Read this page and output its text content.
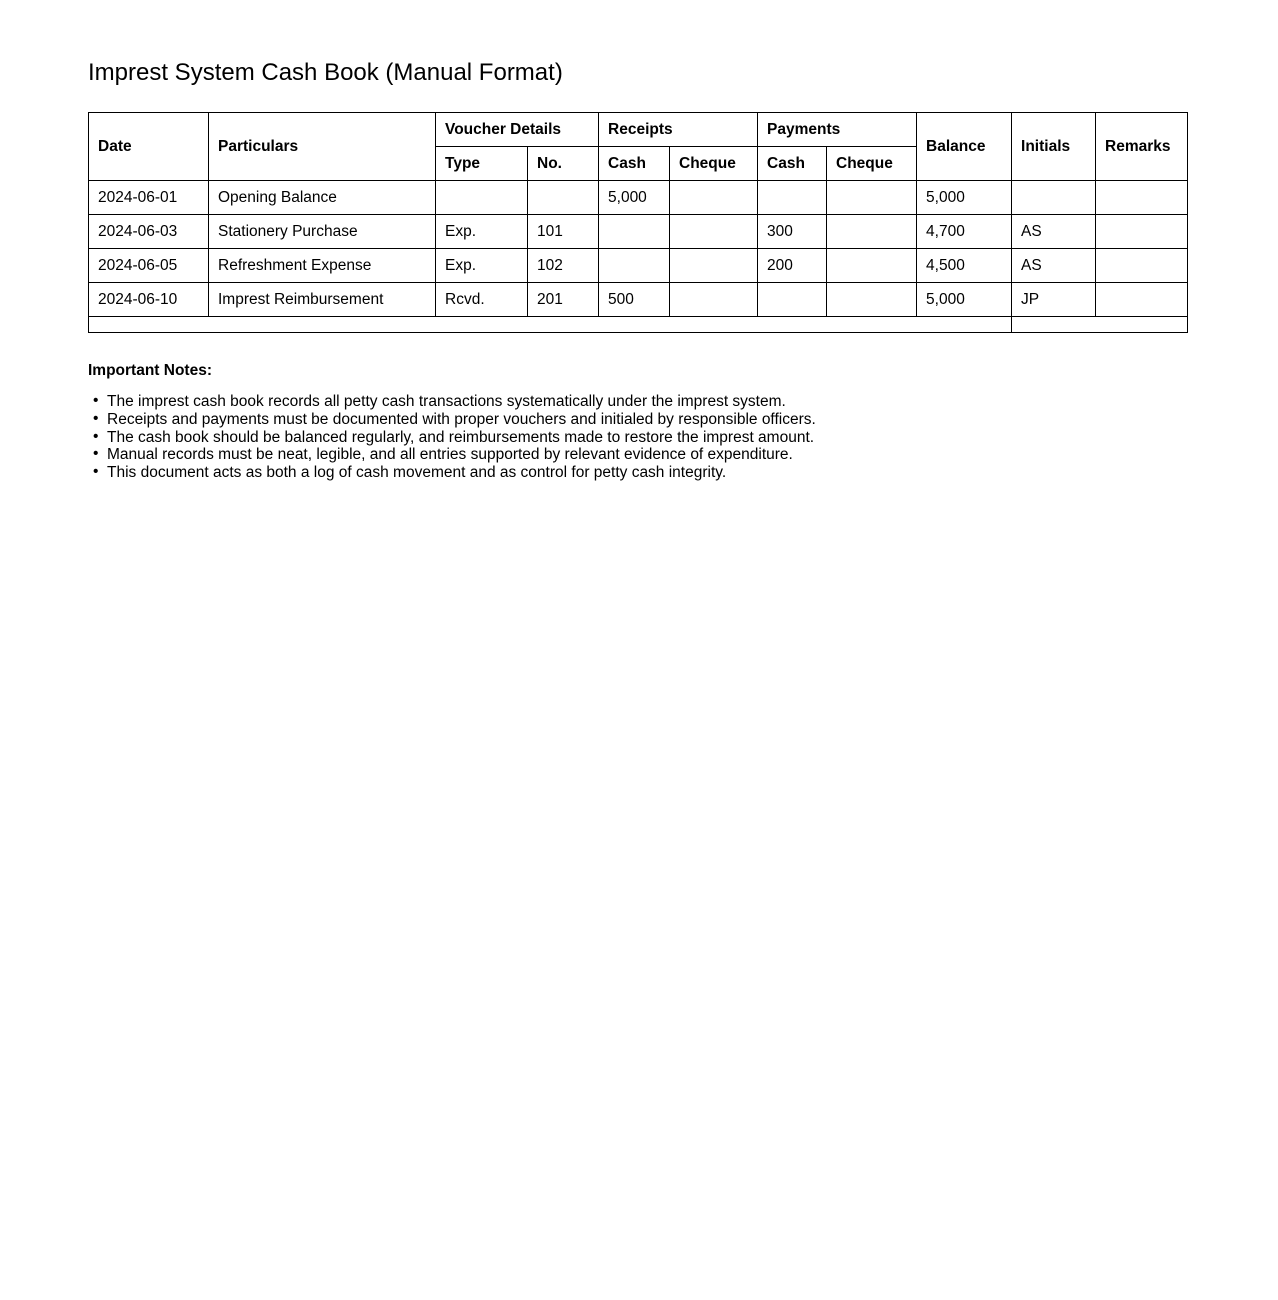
Imprest System Cash Book (Manual Format)
Date	Particulars	Voucher Details		Receipts		Payments		Balance	Initials	Remarks
		Type	No.	Cash	Cheque	Cash	Cheque			
2024-06-01	Opening Balance			5,000				5,000		
2024-06-03	Stationery Purchase	Exp.	101			300		4,700	AS	
2024-06-05	Refreshment Expense	Exp.	102			200		4,500	AS	
2024-06-10	Imprest Reimbursement	Rcvd.	201	500				5,000	JP	

Important Notes:

• The imprest cash book records all petty cash transactions systematically under the imprest system.
• Receipts and payments must be documented with proper vouchers and initialed by responsible officers.
• The cash book should be balanced regularly, and reimbursements made to restore the imprest amount.
• Manual records must be neat, legible, and all entries supported by relevant evidence of expenditure.
• This document acts as both a log of cash movement and as control for petty cash integrity.
